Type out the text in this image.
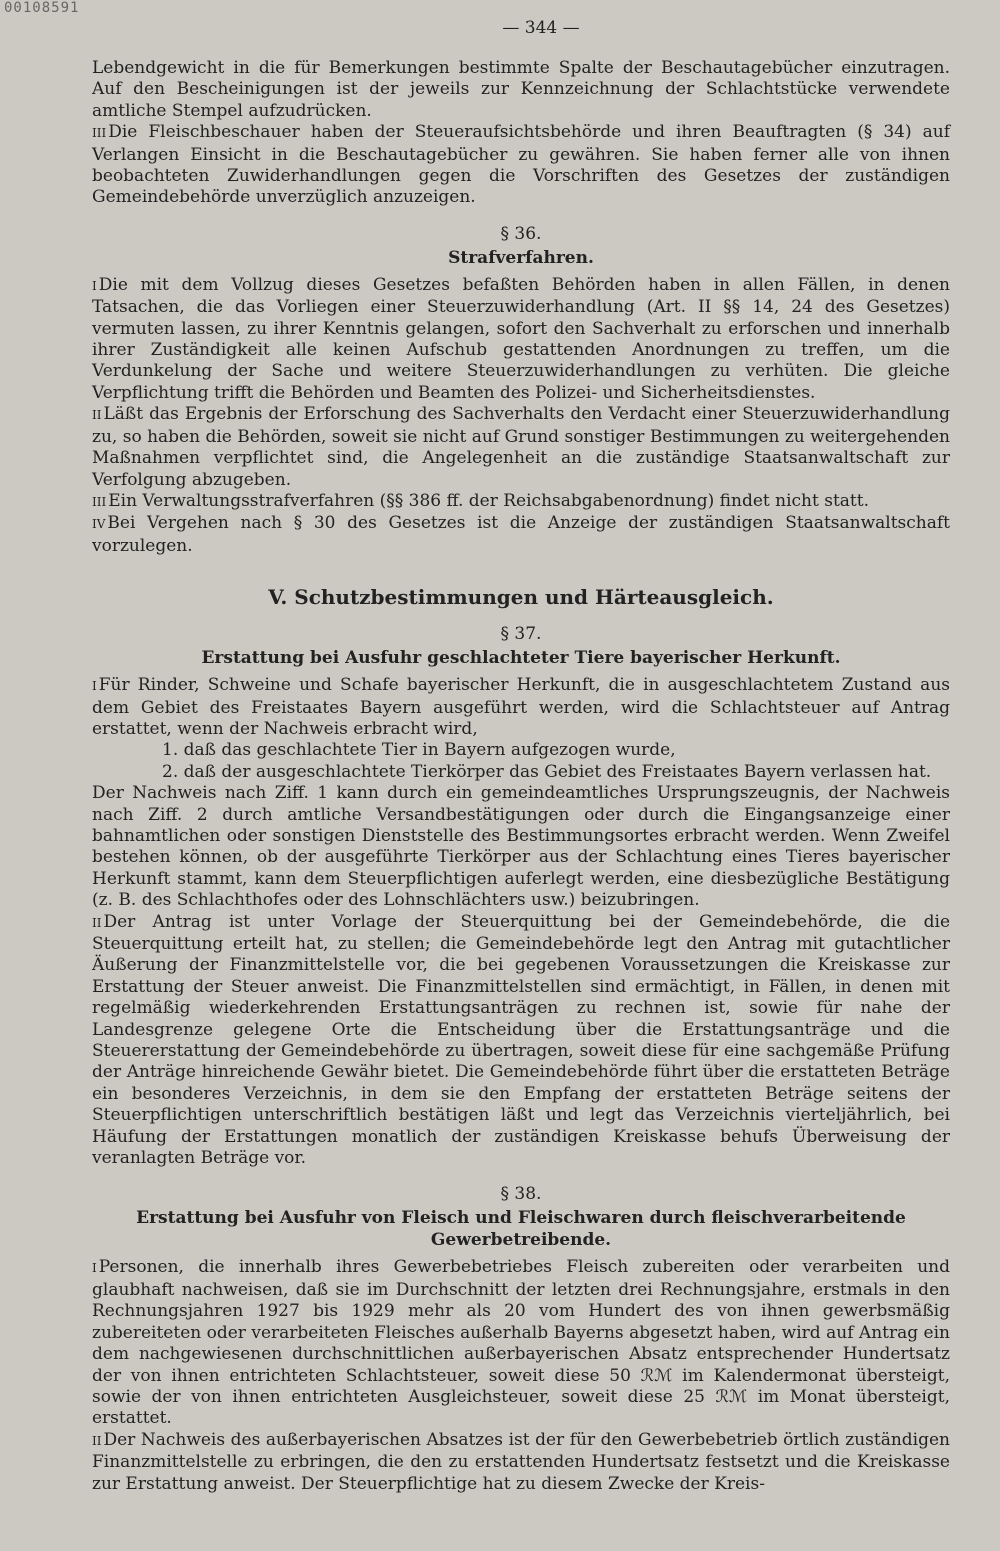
00108591
— 344 —

Lebendgewicht in die für Bemerkungen bestimmte Spalte der Beschautagebücher einzutragen. Auf den Bescheinigungen ist der jeweils zur Kennzeichnung der Schlachtstücke verwendete amtliche Stempel aufzudrücken.

III Die Fleischbeschauer haben der Steueraufsichtsbehörde und ihren Beauftragten (§ 34) auf Verlangen Einsicht in die Beschautagebücher zu gewähren. Sie haben ferner alle von ihnen beobachteten Zuwiderhandlungen gegen die Vorschriften des Gesetzes der zuständigen Gemeindebehörde unverzüglich anzuzeigen.

§ 36.
Strafverfahren.

I Die mit dem Vollzug dieses Gesetzes befaßten Behörden haben in allen Fällen, in denen Tatsachen, die das Vorliegen einer Steuerzuwiderhandlung (Art. II §§ 14, 24 des Gesetzes) vermuten lassen, zu ihrer Kenntnis gelangen, sofort den Sachverhalt zu erforschen und innerhalb ihrer Zuständigkeit alle keinen Aufschub gestattenden Anordnungen zu treffen, um die Verdunkelung der Sache und weitere Steuerzuwiderhandlungen zu verhüten. Die gleiche Verpflichtung trifft die Behörden und Beamten des Polizei- und Sicherheitsdienstes.

II Läßt das Ergebnis der Erforschung des Sachverhalts den Verdacht einer Steuerzuwiderhandlung zu, so haben die Behörden, soweit sie nicht auf Grund sonstiger Bestimmungen zu weitergehenden Maßnahmen verpflichtet sind, die Angelegenheit an die zuständige Staatsanwaltschaft zur Verfolgung abzugeben.

III Ein Verwaltungsstrafverfahren (§§ 386 ff. der Reichsabgabenordnung) findet nicht statt.

IV Bei Vergehen nach § 30 des Gesetzes ist die Anzeige der zuständigen Staatsanwaltschaft vorzulegen.

V. Schutzbestimmungen und Härteausgleich.
§ 37.
Erstattung bei Ausfuhr geschlachteter Tiere bayerischer Herkunft.

I Für Rinder, Schweine und Schafe bayerischer Herkunft, die in ausgeschlachtetem Zustand aus dem Gebiet des Freistaates Bayern ausgeführt werden, wird die Schlachtsteuer auf Antrag erstattet, wenn der Nachweis erbracht wird,

1. daß das geschlachtete Tier in Bayern aufgezogen wurde,

2. daß der ausgeschlachtete Tierkörper das Gebiet des Freistaates Bayern verlassen hat.

Der Nachweis nach Ziff. 1 kann durch ein gemeindeamtliches Ursprungszeugnis, der Nachweis nach Ziff. 2 durch amtliche Versandbestätigungen oder durch die Eingangsanzeige einer bahnamtlichen oder sonstigen Dienststelle des Bestimmungsortes erbracht werden. Wenn Zweifel bestehen können, ob der ausgeführte Tierkörper aus der Schlachtung eines Tieres bayerischer Herkunft stammt, kann dem Steuerpflichtigen auferlegt werden, eine diesbezügliche Bestätigung (z. B. des Schlachthofes oder des Lohnschlächters usw.) beizubringen.

II Der Antrag ist unter Vorlage der Steuerquittung bei der Gemeindebehörde, die die Steuerquittung erteilt hat, zu stellen; die Gemeindebehörde legt den Antrag mit gutachtlicher Äußerung der Finanzmittelstelle vor, die bei gegebenen Voraussetzungen die Kreiskasse zur Erstattung der Steuer anweist. Die Finanzmittelstellen sind ermächtigt, in Fällen, in denen mit regelmäßig wiederkehrenden Erstattungsanträgen zu rechnen ist, sowie für nahe der Landesgrenze gelegene Orte die Entscheidung über die Erstattungsanträge und die Steuererstattung der Gemeindebehörde zu übertragen, soweit diese für eine sachgemäße Prüfung der Anträge hinreichende Gewähr bietet. Die Gemeindebehörde führt über die erstatteten Beträge ein besonderes Verzeichnis, in dem sie den Empfang der erstatteten Beträge seitens der Steuerpflichtigen unterschriftlich bestätigen läßt und legt das Verzeichnis vierteljährlich, bei Häufung der Erstattungen monatlich der zuständigen Kreiskasse behufs Überweisung der veranlagten Beträge vor.

§ 38.
Erstattung bei Ausfuhr von Fleisch und Fleischwaren durch fleischverarbeitende Gewerbetreibende.

I Personen, die innerhalb ihres Gewerbebetriebes Fleisch zubereiten oder verarbeiten und glaubhaft nachweisen, daß sie im Durchschnitt der letzten drei Rechnungsjahre, erstmals in den Rechnungsjahren 1927 bis 1929 mehr als 20 vom Hundert des von ihnen gewerbsmäßig zubereiteten oder verarbeiteten Fleisches außerhalb Bayerns abgesetzt haben, wird auf Antrag ein dem nachgewiesenen durchschnittlichen außerbayerischen Absatz entsprechender Hundertsatz der von ihnen entrichteten Schlachtsteuer, soweit diese 50 ℛℳ im Kalendermonat übersteigt, sowie der von ihnen entrichteten Ausgleichsteuer, soweit diese 25 ℛℳ im Monat übersteigt, erstattet.

II Der Nachweis des außerbayerischen Absatzes ist der für den Gewerbebetrieb örtlich zuständigen Finanzmittelstelle zu erbringen, die den zu erstattenden Hundertsatz festsetzt und die Kreiskasse zur Erstattung anweist. Der Steuerpflichtige hat zu diesem Zwecke der Kreis-
